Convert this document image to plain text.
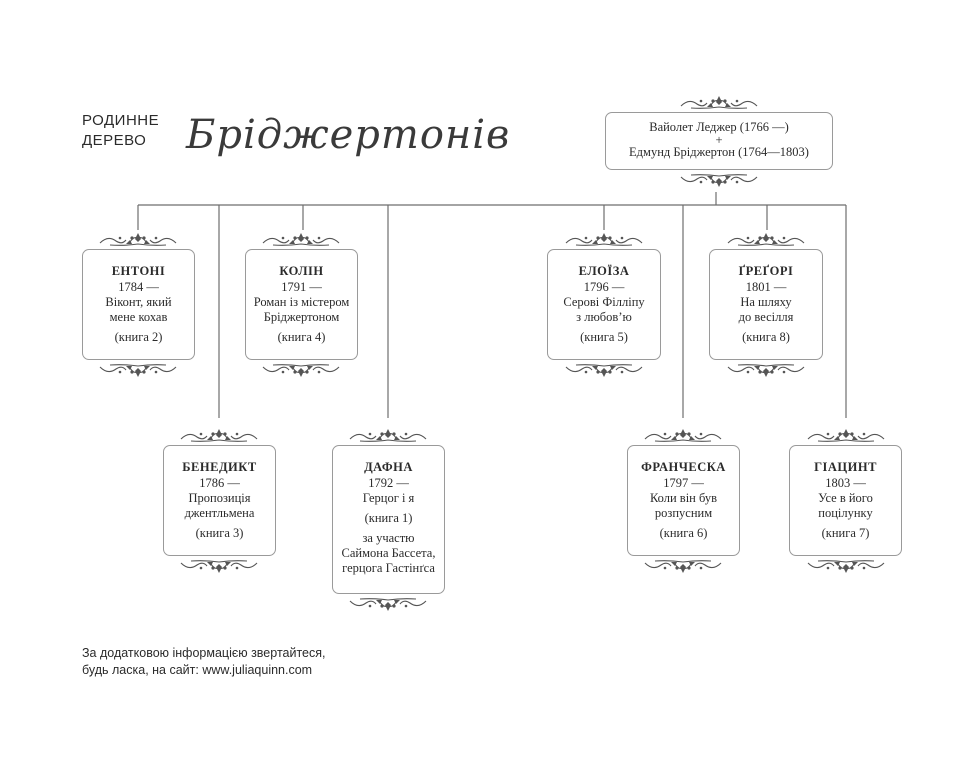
РОДИННЕ
ДЕРЕВО Бріджертонів	Вайолет Леджер (1766 —)
+
Едмунд Бріджертон (1764—1803)
ЕНТОНІ
1784 —
Віконт, який
мене кохав
(книга 2)
КОЛІН
1791 —
Роман із містером
Бріджертоном
(книга 4)
ЕЛОЇЗА
1796 —
Серові Філліпу
з любов’ю
(книга 5)
ҐРЕҐОРІ
1801 —
На шляху
до весілля
(книга 8)
БЕНЕДИКТ
1786 —
Пропозиція
джентльмена
(книга 3)
ДАФНА
1792 —
Герцог і я
(книга 1)
за участю
Саймона Бассета,
герцога Гастінґса
ФРАНЧЕСКА
1797 —
Коли він був
розпусним
(книга 6)
ГІАЦИНТ
1803 —
Усе в його
поцілунку
(книга 7)
За додатковою інформацією звертайтеся,
будь ласка, на сайт: www.juliaquinn.com
